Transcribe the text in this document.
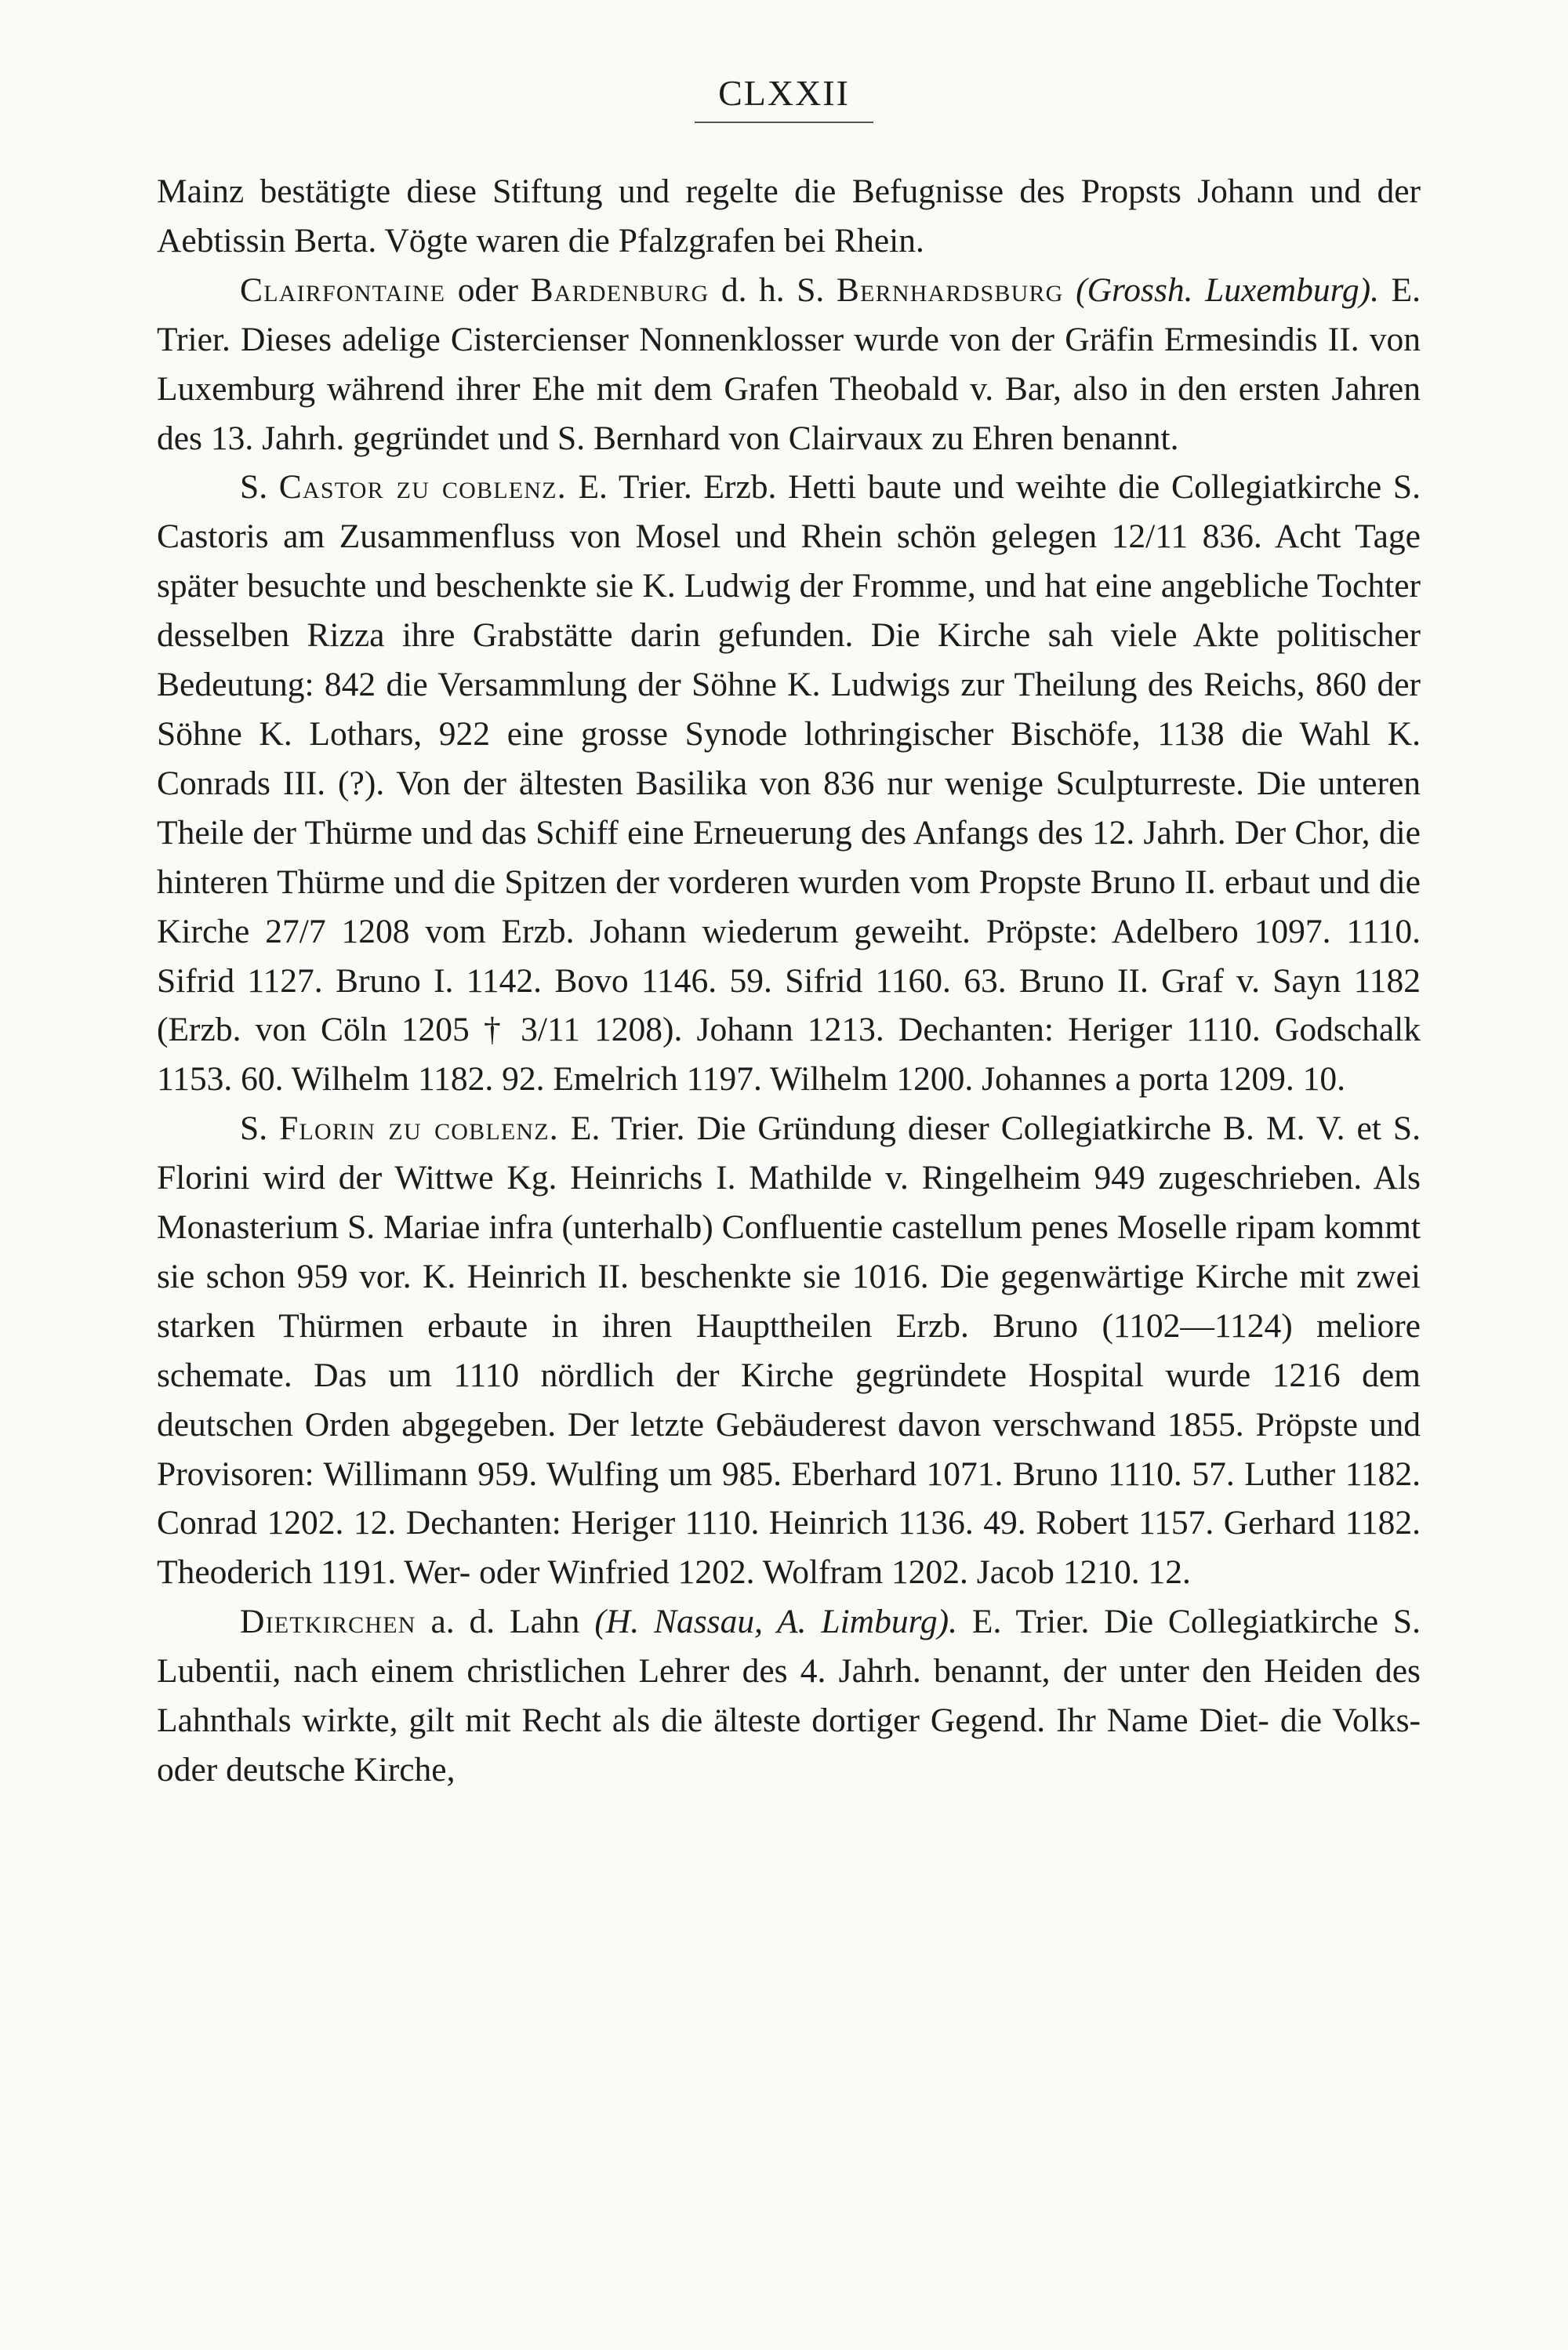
CLXXII

Mainz bestätigte diese Stiftung und regelte die Befugnisse des Propsts Johann und der Aebtissin Berta. Vögte waren die Pfalzgrafen bei Rhein.

Clairfontaine oder Bardenburg d. h. S. Bernhardsburg (Grossh. Luxemburg). E. Trier. Dieses adelige Cistercienser Nonnenklosser wurde von der Gräfin Ermesindis II. von Luxemburg während ihrer Ehe mit dem Grafen Theobald v. Bar, also in den ersten Jahren des 13. Jahrh. gegründet und S. Bernhard von Clairvaux zu Ehren benannt.

S. Castor zu coblenz. E. Trier. Erzb. Hetti baute und weihte die Collegiatkirche S. Castoris am Zusammenfluss von Mosel und Rhein schön gelegen 12/11 836. Acht Tage später besuchte und beschenkte sie K. Ludwig der Fromme, und hat eine angebliche Tochter desselben Rizza ihre Grabstätte darin gefunden. Die Kirche sah viele Akte politischer Bedeutung: 842 die Versammlung der Söhne K. Ludwigs zur Theilung des Reichs, 860 der Söhne K. Lothars, 922 eine grosse Synode lothringischer Bischöfe, 1138 die Wahl K. Conrads III. (?). Von der ältesten Basilika von 836 nur wenige Sculpturreste. Die unteren Theile der Thürme und das Schiff eine Erneuerung des Anfangs des 12. Jahrh. Der Chor, die hinteren Thürme und die Spitzen der vorderen wurden vom Propste Bruno II. erbaut und die Kirche 27/7 1208 vom Erzb. Johann wiederum geweiht. Pröpste: Adelbero 1097. 1110. Sifrid 1127. Bruno I. 1142. Bovo 1146. 59. Sifrid 1160. 63. Bruno II. Graf v. Sayn 1182 (Erzb. von Cöln 1205 † 3/11 1208). Johann 1213. Dechanten: Heriger 1110. Godschalk 1153. 60. Wilhelm 1182. 92. Emelrich 1197. Wilhelm 1200. Johannes a porta 1209. 10.

S. Florin zu coblenz. E. Trier. Die Gründung dieser Collegiatkirche B. M. V. et S. Florini wird der Wittwe Kg. Heinrichs I. Mathilde v. Ringelheim 949 zugeschrieben. Als Monasterium S. Mariae infra (unterhalb) Confluentie castellum penes Moselle ripam kommt sie schon 959 vor. K. Heinrich II. beschenkte sie 1016. Die gegenwärtige Kirche mit zwei starken Thürmen erbaute in ihren Haupttheilen Erzb. Bruno (1102—1124) meliore schemate. Das um 1110 nördlich der Kirche gegründete Hospital wurde 1216 dem deutschen Orden abgegeben. Der letzte Gebäuderest davon verschwand 1855. Pröpste und Provisoren: Willimann 959. Wulfing um 985. Eberhard 1071. Bruno 1110. 57. Luther 1182. Conrad 1202. 12. Dechanten: Heriger 1110. Heinrich 1136. 49. Robert 1157. Gerhard 1182. Theoderich 1191. Wer- oder Winfried 1202. Wolfram 1202. Jacob 1210. 12.

Dietkirchen a. d. Lahn (H. Nassau, A. Limburg). E. Trier. Die Collegiatkirche S. Lubentii, nach einem christlichen Lehrer des 4. Jahrh. benannt, der unter den Heiden des Lahnthals wirkte, gilt mit Recht als die älteste dortiger Gegend. Ihr Name Diet- die Volks- oder deutsche Kirche,
